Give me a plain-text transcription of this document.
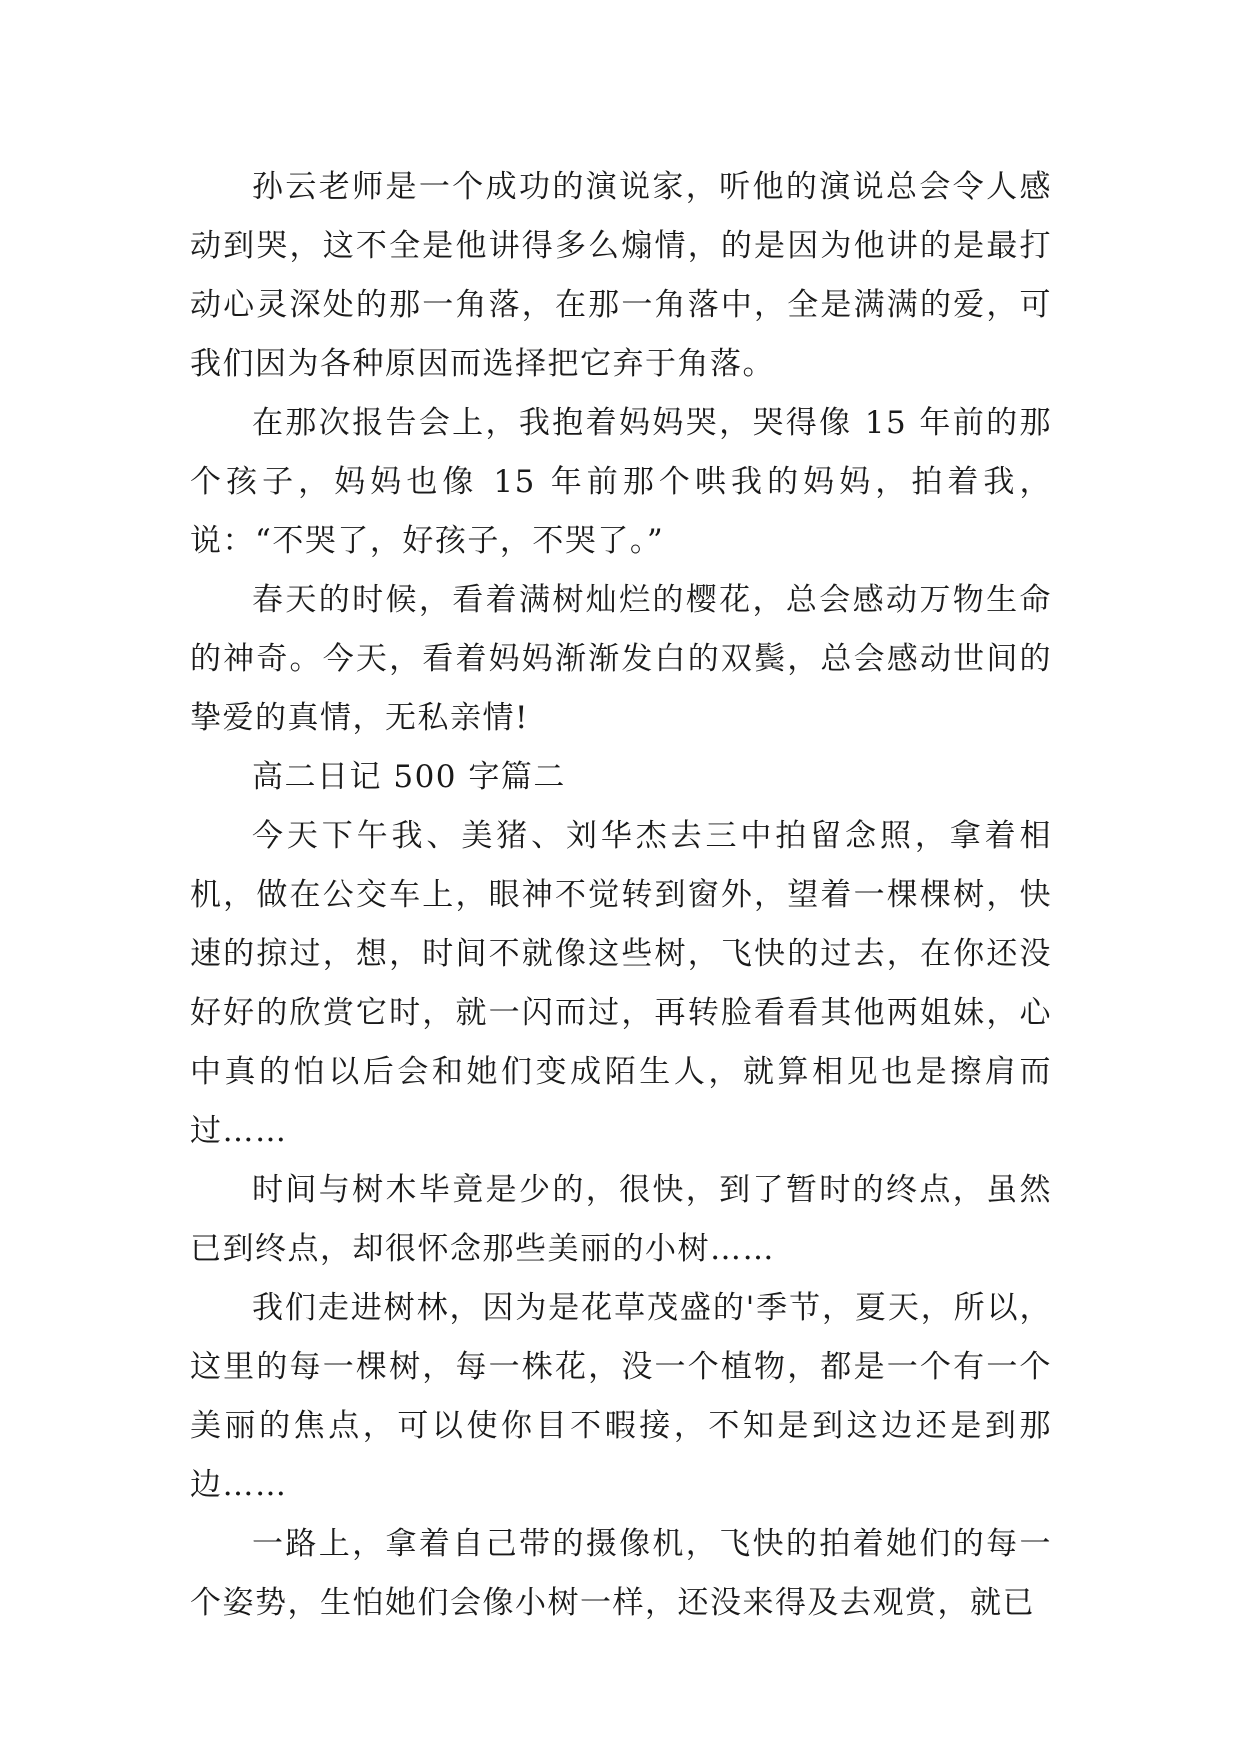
孙云老师是一个成功的演说家，听他的演说总会令人感动到哭，这不全是他讲得多么煽情，的是因为他讲的是最打动心灵深处的那一角落，在那一角落中，全是满满的爱，可我们因为各种原因而选择把它弃于角落。

在那次报告会上，我抱着妈妈哭，哭得像 15 年前的那个孩子，妈妈也像 15 年前那个哄我的妈妈，拍着我，说：“不哭了，好孩子，不哭了。”

春天的时候，看着满树灿烂的樱花，总会感动万物生命的神奇。今天，看着妈妈渐渐发白的双鬓，总会感动世间的挚爱的真情，无私亲情!

高二日记 500 字篇二

今天下午我、美猪、刘华杰去三中拍留念照，拿着相机，做在公交车上，眼神不觉转到窗外，望着一棵棵树，快速的掠过，想，时间不就像这些树，飞快的过去，在你还没好好的欣赏它时，就一闪而过，再转脸看看其他两姐妹，心中真的怕以后会和她们变成陌生人，就算相见也是擦肩而过……

时间与树木毕竟是少的，很快，到了暂时的终点，虽然已到终点，却很怀念那些美丽的小树……

我们走进树林，因为是花草茂盛的'季节，夏天，所以，这里的每一棵树，每一株花，没一个植物，都是一个有一个美丽的焦点，可以使你目不暇接，不知是到这边还是到那边……

一路上，拿着自己带的摄像机，飞快的拍着她们的每一个姿势，生怕她们会像小树一样，还没来得及去观赏，就已
